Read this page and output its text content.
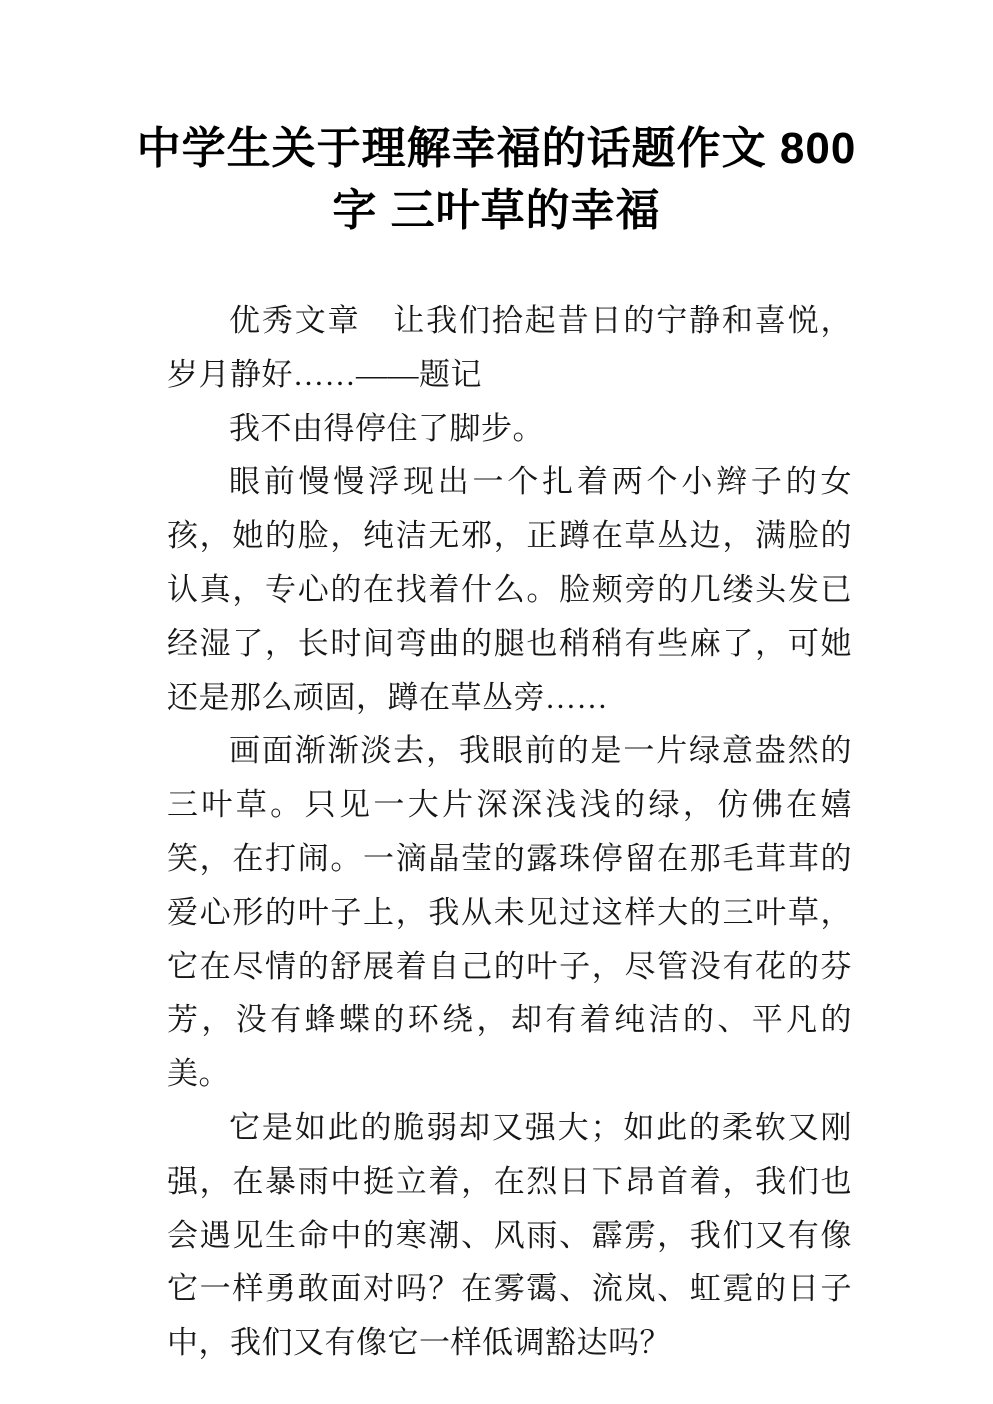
中学生关于理解幸福的话题作文 800
字 三叶草的幸福

优秀文章　让我们拾起昔日的宁静和喜悦，岁月静好……——题记

我不由得停住了脚步。

眼前慢慢浮现出一个扎着两个小辫子的女孩，她的脸，纯洁无邪，正蹲在草丛边，满脸的认真，专心的在找着什么。脸颊旁的几缕头发已经湿了，长时间弯曲的腿也稍稍有些麻了，可她还是那么顽固，蹲在草丛旁……

画面渐渐淡去，我眼前的是一片绿意盎然的三叶草。只见一大片深深浅浅的绿，仿佛在嬉笑，在打闹。一滴晶莹的露珠停留在那毛茸茸的爱心形的叶子上，我从未见过这样大的三叶草，它在尽情的舒展着自己的叶子，尽管没有花的芬芳，没有蜂蝶的环绕，却有着纯洁的、平凡的美。

它是如此的脆弱却又强大；如此的柔软又刚强，在暴雨中挺立着，在烈日下昂首着，我们也会遇见生命中的寒潮、风雨、霹雳，我们又有像它一样勇敢面对吗？在雾霭、流岚、虹霓的日子中，我们又有像它一样低调豁达吗？
